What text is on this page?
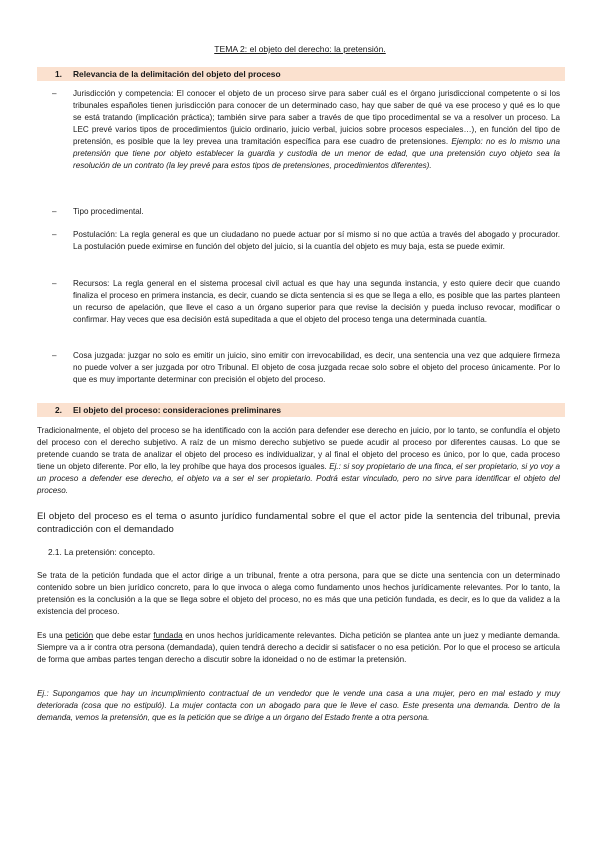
TEMA 2: el objeto del derecho: la pretensión.
1. Relevancia de la delimitación del objeto del proceso
– Jurisdicción y competencia: El conocer el objeto de un proceso sirve para saber cuál es el órgano jurisdiccional competente o si los tribunales españoles tienen jurisdicción para conocer de un determinado caso, hay que saber de qué va ese proceso y qué es lo que se está tratando (implicación práctica); también sirve para saber a través de que tipo procedimental se va a resolver un proceso. La LEC prevé varios tipos de procedimientos (juicio ordinario, juicio verbal, juicios sobre procesos especiales…), en función del tipo de pretensión, es posible que la ley prevea una tramitación específica para ese cuadro de pretensiones. Ejemplo: no es lo mismo una pretensión que tiene por objeto establecer la guardia y custodia de un menor de edad, que una pretensión cuyo objeto sea la resolución de un contrato (la ley prevé para estos tipos de pretensiones, procedimientos diferentes).
– Tipo procedimental.
– Postulación: La regla general es que un ciudadano no puede actuar por sí mismo si no que actúa a través del abogado y procurador. La postulación puede eximirse en función del objeto del juicio, si la cuantía del objeto es muy baja, esta se puede eximir.
– Recursos: La regla general en el sistema procesal civil actual es que hay una segunda instancia, y esto quiere decir que cuando finaliza el proceso en primera instancia, es decir, cuando se dicta sentencia si es que se llega a ello, es posible que las partes planteen un recurso de apelación, que lleve el caso a un órgano superior para que revise la decisión y pueda incluso revocar, modificar o confirmar. Hay veces que esa decisión está supeditada a que el objeto del proceso tenga una determinada cuantía.
– Cosa juzgada: juzgar no solo es emitir un juicio, sino emitir con irrevocabilidad, es decir, una sentencia una vez que adquiere firmeza no puede volver a ser juzgada por otro Tribunal. El objeto de cosa juzgada recae solo sobre el objeto del proceso únicamente. Por lo que es muy importante determinar con precisión el objeto del proceso.
2. El objeto del proceso: consideraciones preliminares
Tradicionalmente, el objeto del proceso se ha identificado con la acción para defender ese derecho en juicio, por lo tanto, se confundía el objeto del proceso con el derecho subjetivo. A raíz de un mismo derecho subjetivo se puede acudir al proceso por diferentes causas. Lo que se pretende cuando se trata de analizar el objeto del proceso es individualizar, y al final el objeto del proceso es único, por lo que, cada proceso tiene un objeto diferente. Por ello, la ley prohíbe que haya dos procesos iguales. Ej.: si soy propietario de una finca, el ser propietario, si yo voy a un proceso a defender ese derecho, el objeto va a ser el ser propietario. Podrá estar vinculado, pero no sirve para identificar el objeto del proceso.
El objeto del proceso es el tema o asunto jurídico fundamental sobre el que el actor pide la sentencia del tribunal, previa contradicción con el demandado
2.1. La pretensión: concepto.
Se trata de la petición fundada que el actor dirige a un tribunal, frente a otra persona, para que se dicte una sentencia con un determinado contenido sobre un bien jurídico concreto, para lo que invoca o alega como fundamento unos hechos jurídicamente relevantes. Por lo tanto, la pretensión es la conclusión a la que se llega sobre el objeto del proceso, no es más que una petición fundada, es decir, es lo que da validez a la existencia del proceso.
Es una petición que debe estar fundada en unos hechos jurídicamente relevantes. Dicha petición se plantea ante un juez y mediante demanda. Siempre va a ir contra otra persona (demandada), quien tendrá derecho a decidir si satisfacer o no esa petición. Por lo que el proceso se articula de forma que ambas partes tengan derecho a discutir sobre la idoneidad o no de estimar la pretensión.
Ej.: Supongamos que hay un incumplimiento contractual de un vendedor que le vende una casa a una mujer, pero en mal estado y muy deteriorada (cosa que no estipuló). La mujer contacta con un abogado para que le lleve el caso. Este presenta una demanda. Dentro de la demanda, vemos la pretensión, que es la petición que se dirige a un órgano del Estado frente a otra persona.
